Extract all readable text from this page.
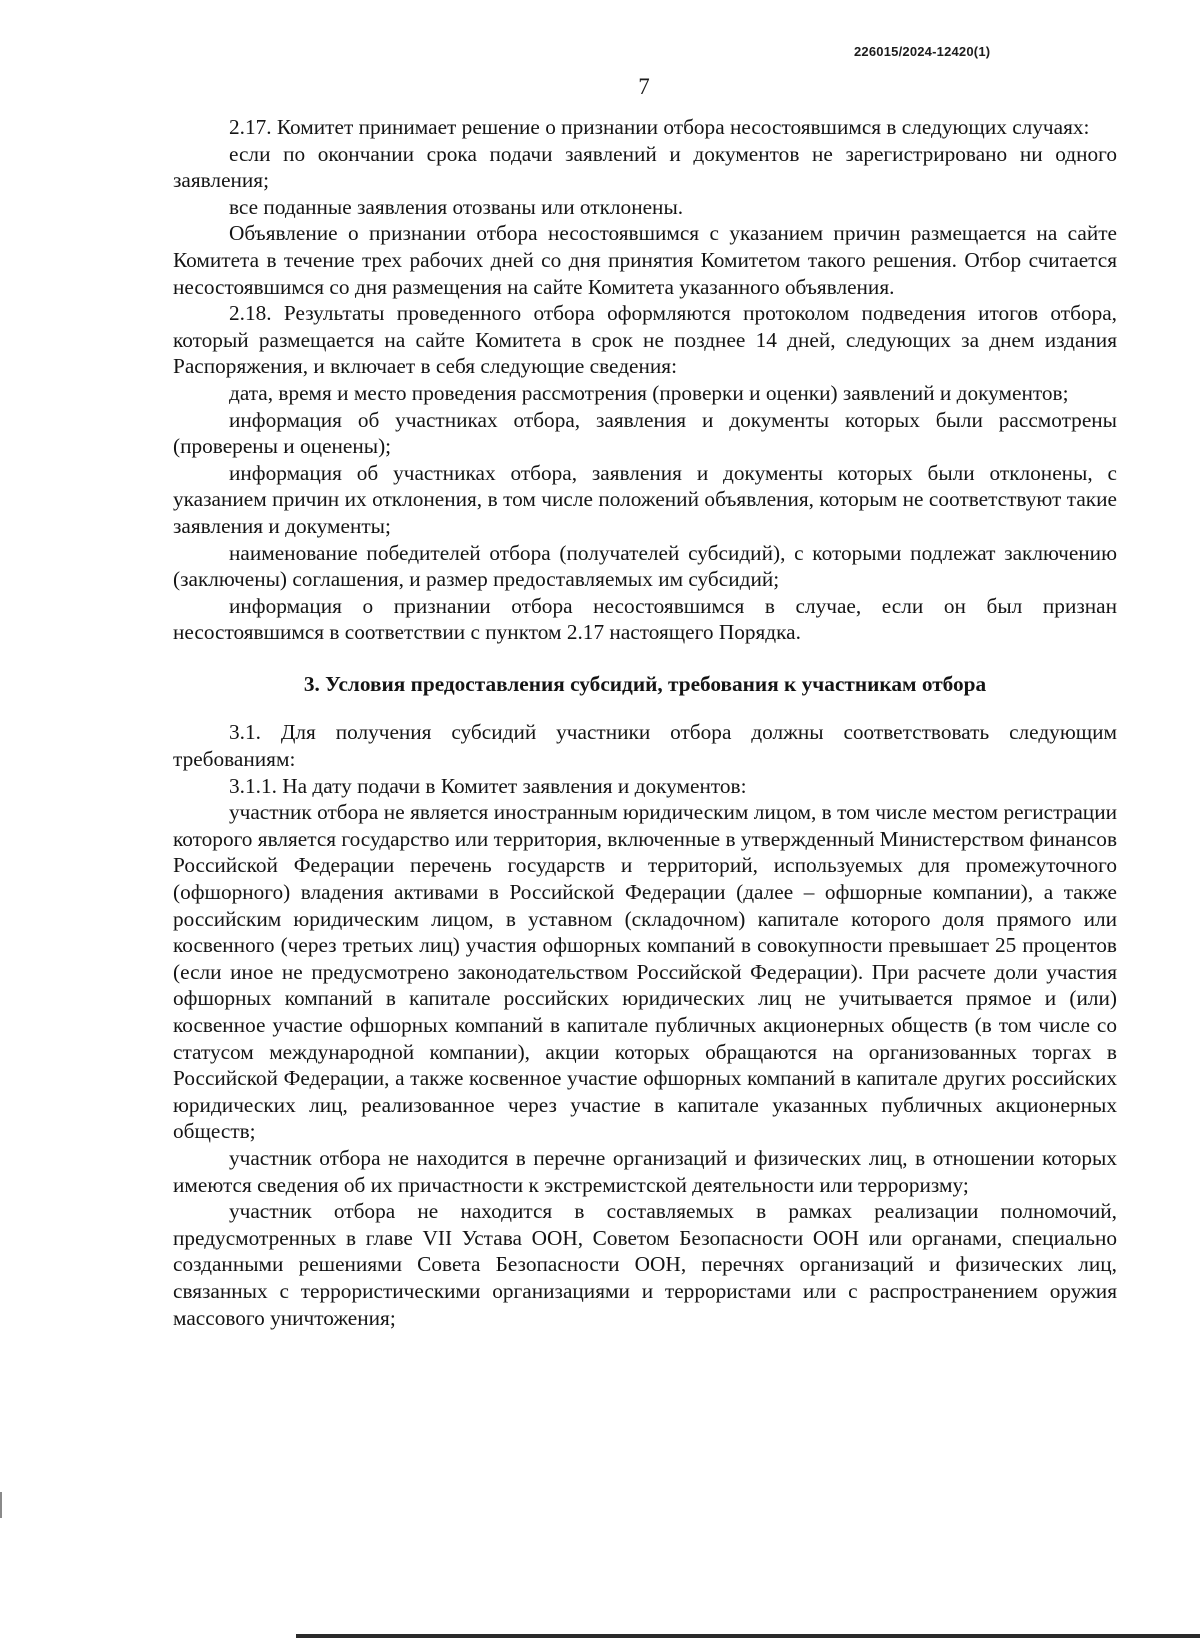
226015/2024-12420(1)
7

2.17. Комитет принимает решение о признании отбора несостоявшимся в следующих случаях:

если по окончании срока подачи заявлений и документов не зарегистрировано ни одного заявления;

все поданные заявления отозваны или отклонены.

Объявление о признании отбора несостоявшимся с указанием причин размещается на сайте Комитета в течение трех рабочих дней со дня принятия Комитетом такого решения. Отбор считается несостоявшимся со дня размещения на сайте Комитета указанного объявления.

2.18. Результаты проведенного отбора оформляются протоколом подведения итогов отбора, который размещается на сайте Комитета в срок не позднее 14 дней, следующих за днем издания Распоряжения, и включает в себя следующие сведения:

дата, время и место проведения рассмотрения (проверки и оценки) заявлений и документов;

информация об участниках отбора, заявления и документы которых были рассмотрены (проверены и оценены);

информация об участниках отбора, заявления и документы которых были отклонены, с указанием причин их отклонения, в том числе положений объявления, которым не соответствуют такие заявления и документы;

наименование победителей отбора (получателей субсидий), с которыми подлежат заключению (заключены) соглашения, и размер предоставляемых им субсидий;

информация о признании отбора несостоявшимся в случае, если он был признан несостоявшимся в соответствии с пунктом 2.17 настоящего Порядка.

3. Условия предоставления субсидий, требования к участникам отбора

3.1. Для получения субсидий участники отбора должны соответствовать следующим требованиям:

3.1.1. На дату подачи в Комитет заявления и документов:

участник отбора не является иностранным юридическим лицом, в том числе местом регистрации которого является государство или территория, включенные в утвержденный Министерством финансов Российской Федерации перечень государств и территорий, используемых для промежуточного (офшорного) владения активами в Российской Федерации (далее – офшорные компании), а также российским юридическим лицом, в уставном (складочном) капитале которого доля прямого или косвенного (через третьих лиц) участия офшорных компаний в совокупности превышает 25 процентов (если иное не предусмотрено законодательством Российской Федерации). При расчете доли участия офшорных компаний в капитале российских юридических лиц не учитывается прямое и (или) косвенное участие офшорных компаний в капитале публичных акционерных обществ (в том числе со статусом международной компании), акции которых обращаются на организованных торгах в Российской Федерации, а также косвенное участие офшорных компаний в капитале других российских юридических лиц, реализованное через участие в капитале указанных публичных акционерных обществ;

участник отбора не находится в перечне организаций и физических лиц, в отношении которых имеются сведения об их причастности к экстремистской деятельности или терроризму;

участник отбора не находится в составляемых в рамках реализации полномочий, предусмотренных в главе VII Устава ООН, Советом Безопасности ООН или органами, специально созданными решениями Совета Безопасности ООН, перечнях организаций и физических лиц, связанных с террористическими организациями и террористами или с распространением оружия массового уничтожения;
